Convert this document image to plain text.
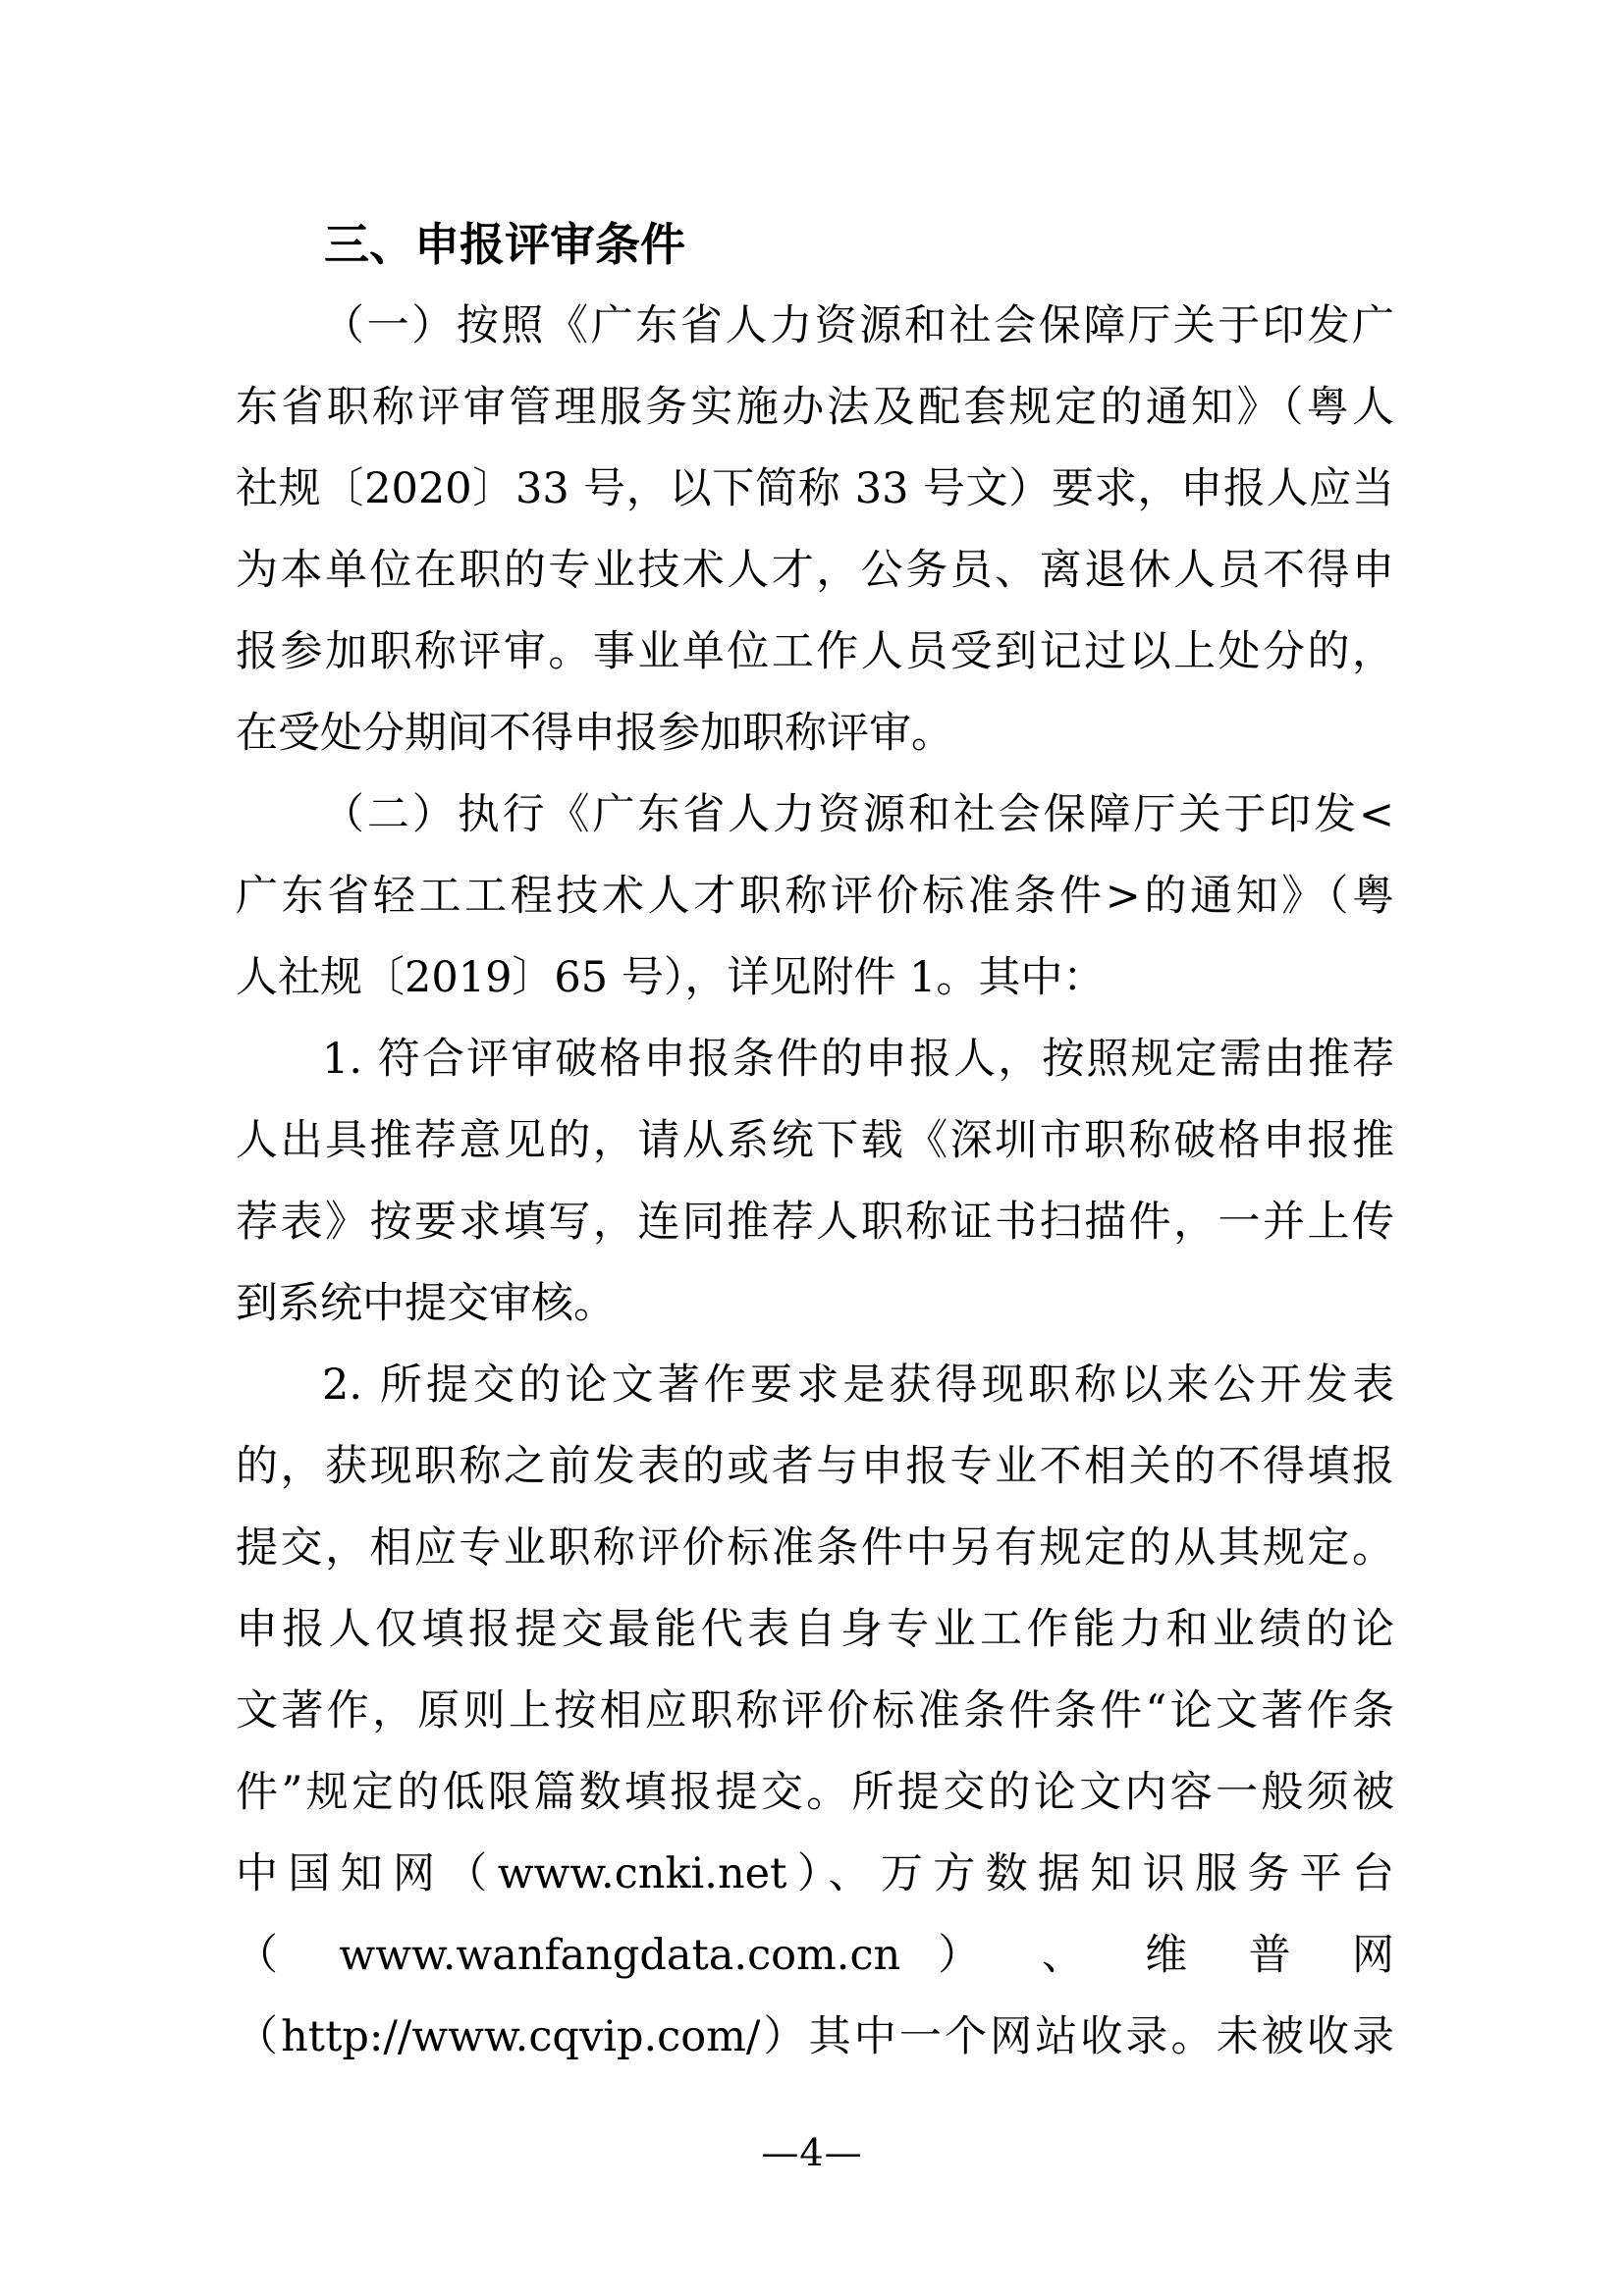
三、申报评审条件
（一）按照《广东省人力资源和社会保障厅关于印发广
东省职称评审管理服务实施办法及配套规定的通知》（粤人
社规〔2020〕33 号，以下简称 33 号文）要求，申报人应当
为本单位在职的专业技术人才，公务员、离退休人员不得申
报参加职称评审。事业单位工作人员受到记过以上处分的，
在受处分期间不得申报参加职称评审。
（二）执行《广东省人力资源和社会保障厅关于印发<
广东省轻工工程技术人才职称评价标准条件>的通知》（粤
人社规〔2019〕65 号），详见附件 1。其中：
1. 符合评审破格申报条件的申报人，按照规定需由推荐
人出具推荐意见的，请从系统下载《深圳市职称破格申报推
荐表》按要求填写，连同推荐人职称证书扫描件，一并上传
到系统中提交审核。
2. 所提交的论文著作要求是获得现职称以来公开发表
的，获现职称之前发表的或者与申报专业不相关的不得填报
提交，相应专业职称评价标准条件中另有规定的从其规定。
申报人仅填报提交最能代表自身专业工作能力和业绩的论
文著作，原则上按相应职称评价标准条件条件“论文著作条
件”规定的低限篇数填报提交。所提交的论文内容一般须被
中国知网（www.cnki.net）、万方数据知识服务平台
（ www.wanfangdata.com.cn ） 、 维 普 网
（http://www.cqvip.com/）其中一个网站收录。未被收录
—4—
